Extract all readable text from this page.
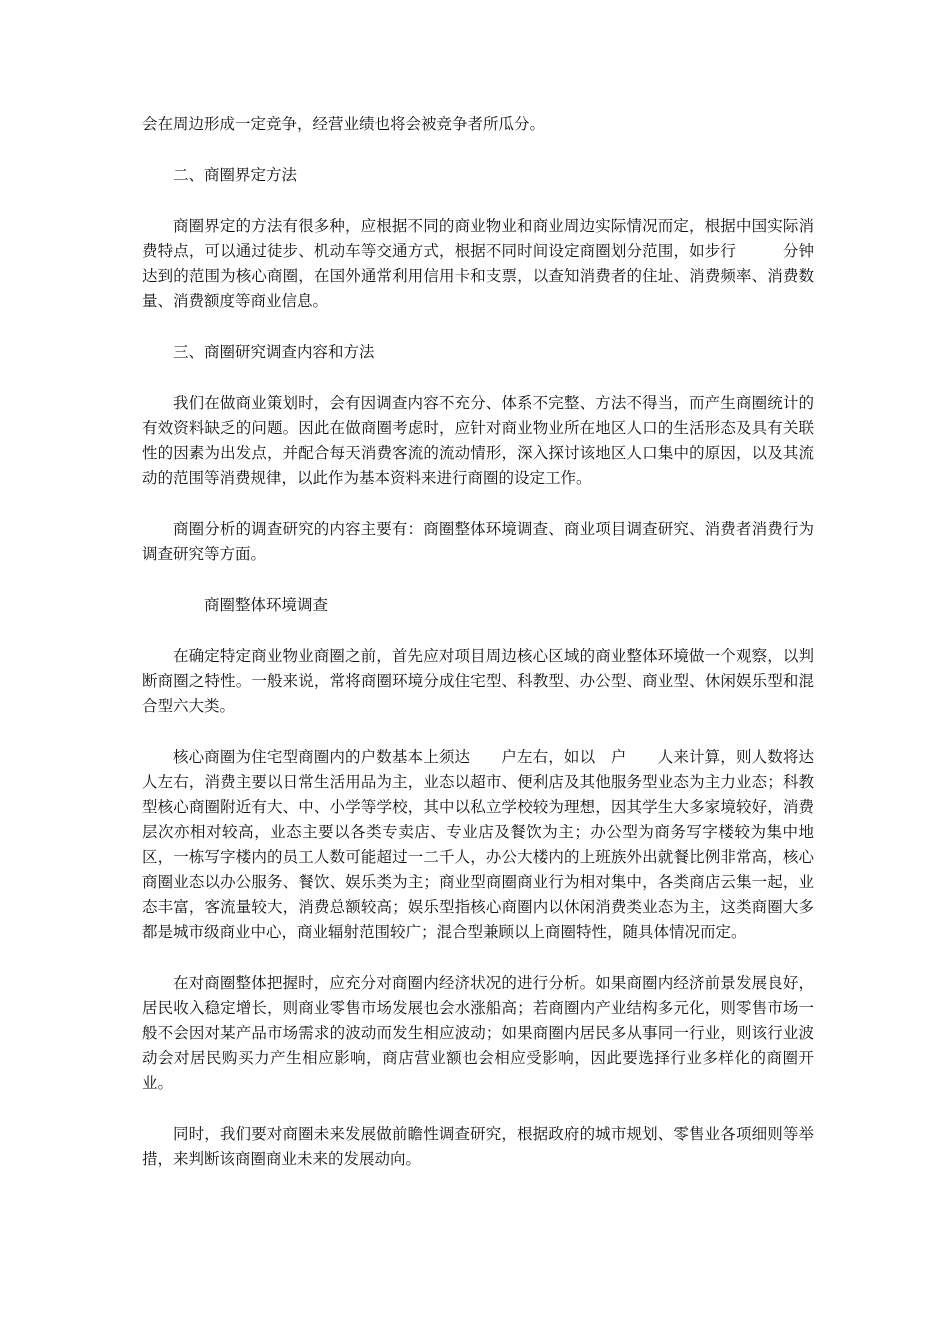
会在周边形成一定竞争，经营业绩也将会被竞争者所瓜分。

二、商圈界定方法

商圈界定的方法有很多种，应根据不同的商业物业和商业周边实际情况而定，根据中国实际消费特点，可以通过徒步、机动车等交通方式，根据不同时间设定商圈划分范围，如步行　　　分钟达到的范围为核心商圈，在国外通常利用信用卡和支票，以查知消费者的住址、消费频率、消费数量、消费额度等商业信息。

三、商圈研究调查内容和方法

我们在做商业策划时，会有因调查内容不充分、体系不完整、方法不得当，而产生商圈统计的有效资料缺乏的问题。因此在做商圈考虑时，应针对商业物业所在地区人口的生活形态及具有关联性的因素为出发点，并配合每天消费客流的流动情形，深入探讨该地区人口集中的原因，以及其流动的范围等消费规律，以此作为基本资料来进行商圈的设定工作。

商圈分析的调查研究的内容主要有：商圈整体环境调查、商业项目调查研究、消费者消费行为调查研究等方面。

商圈整体环境调查

在确定特定商业物业商圈之前，首先应对项目周边核心区域的商业整体环境做一个观察，以判断商圈之特性。一般来说，常将商圈环境分成住宅型、科教型、办公型、商业型、休闲娱乐型和混合型六大类。

核心商圈为住宅型商圈内的户数基本上须达　　户左右，如以　户　　人来计算，则人数将达　　人左右，消费主要以日常生活用品为主，业态以超市、便利店及其他服务型业态为主力业态；科教型核心商圈附近有大、中、小学等学校，其中以私立学校较为理想，因其学生大多家境较好，消费层次亦相对较高，业态主要以各类专卖店、专业店及餐饮为主；办公型为商务写字楼较为集中地区，一栋写字楼内的员工人数可能超过一二千人，办公大楼内的上班族外出就餐比例非常高，核心商圈业态以办公服务、餐饮、娱乐类为主；商业型商圈商业行为相对集中，各类商店云集一起，业态丰富，客流量较大，消费总额较高；娱乐型指核心商圈内以休闲消费类业态为主，这类商圈大多都是城市级商业中心，商业辐射范围较广；混合型兼顾以上商圈特性，随具体情况而定。

在对商圈整体把握时，应充分对商圈内经济状况的进行分析。如果商圈内经济前景发展良好，居民收入稳定增长，则商业零售市场发展也会水涨船高；若商圈内产业结构多元化，则零售市场一般不会因对某产品市场需求的波动而发生相应波动；如果商圈内居民多从事同一行业，则该行业波动会对居民购买力产生相应影响，商店营业额也会相应受影响，因此要选择行业多样化的商圈开业。

同时，我们要对商圈未来发展做前瞻性调查研究，根据政府的城市规划、零售业各项细则等举措，来判断该商圈商业未来的发展动向。
